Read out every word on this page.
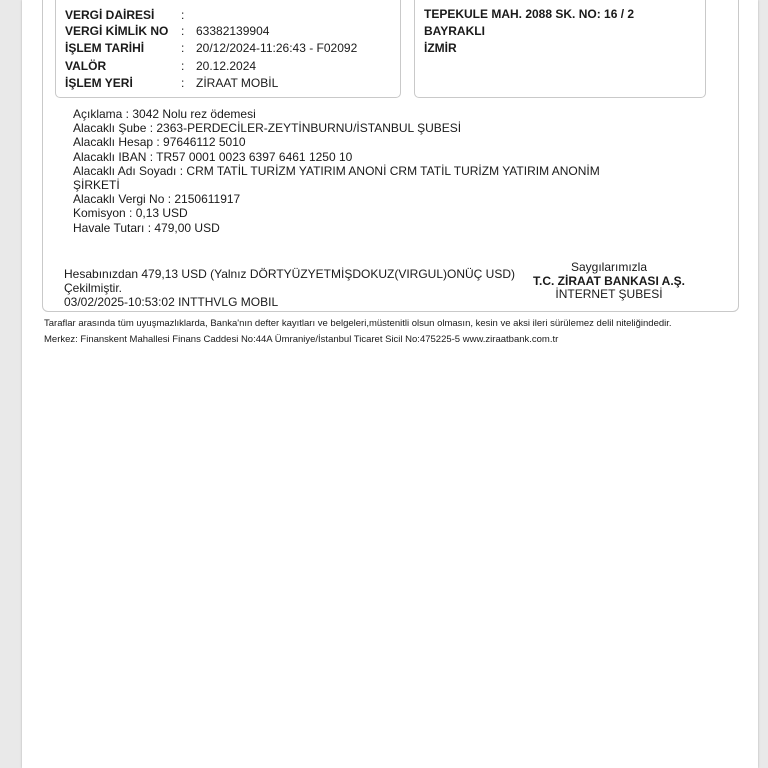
VERGİ DAİRESİ :
VERGİ KİMLİK NO : 63382139904
İŞLEM TARİHİ	: 20/12/2024-11:26:43 - F02092
VALÖR	: 20.12.2024
İŞLEM YERİ	: ZİRAAT MOBİL
TEPEKULE MAH. 2088 SK. NO: 16 / 2 BAYRAKLI
İZMİR
Açıklama : 3042 Nolu rez ödemesi
Alacaklı Şube : 2363-PERDECİLER-ZEYTİNBURNU/İSTANBUL ŞUBESİ
Alacaklı Hesap : 97646112 5010
Alacaklı IBAN : TR57 0001 0023 6397 6461 1250 10
Alacaklı Adı Soyadı : CRM TATİL TURİZM YATIRIM ANONİ CRM TATİL TURİZM YATIRIM ANONİM
ŞİRKETİ
Alacaklı Vergi No : 2150611917
Komisyon : 0,13 USD
Havale Tutarı : 479,00 USD
Hesabınızdan 479,13 USD (Yalnız DÖRTYÜZYETMİŞDOKUZ(VIRGUL)ONÜÇ USD)
Çekilmiştir.
03/02/2025-10:53:02 INTTHVLG MOBIL
Saygılarımızla
T.C. ZİRAAT BANKASI A.Ş.
İNTERNET ŞUBESİ
Taraflar arasında tüm uyuşmazlıklarda, Banka'nın defter kayıtları ve belgeleri,müstenitli olsun olmasın, kesin ve aksi ileri sürülemez delil niteliğindedir.
Merkez: Finanskent Mahallesi Finans Caddesi No:44A Ümraniye/İstanbul Ticaret Sicil No:475225-5 www.ziraatbank.com.tr
